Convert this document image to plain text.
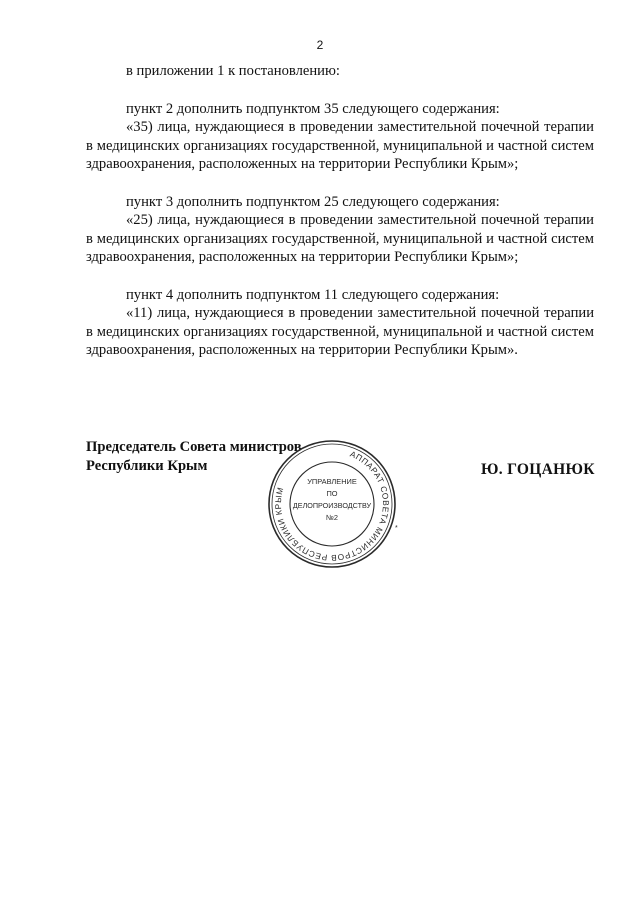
2

в приложении 1 к постановлению:

пункт 2 дополнить подпунктом 35 следующего содержания:

«35) лица, нуждающиеся в проведении заместительной почечной терапии в медицинских организациях государственной, муниципальной и частной систем здравоохранения, расположенных на территории Республики Крым»;

пункт 3 дополнить подпунктом 25 следующего содержания:

«25) лица, нуждающиеся в проведении заместительной почечной терапии в медицинских организациях государственной, муниципальной и частной систем здравоохранения, расположенных на территории Республики Крым»;

пункт 4 дополнить подпунктом 11 следующего содержания:

«11) лица, нуждающиеся в проведении заместительной почечной терапии в медицинских организациях государственной, муниципальной и частной систем здравоохранения, расположенных на территории Республики Крым».

Председатель Совета министров
Республики Крым
АППАРАТ СОВЕТА МИНИСТРОВ РЕСПУБЛИКИ КРЫМ
*
УПРАВЛЕНИЕ
ПО
ДЕЛОПРОИЗВОДСТВУ
№2
Ю. ГОЦАНЮК
